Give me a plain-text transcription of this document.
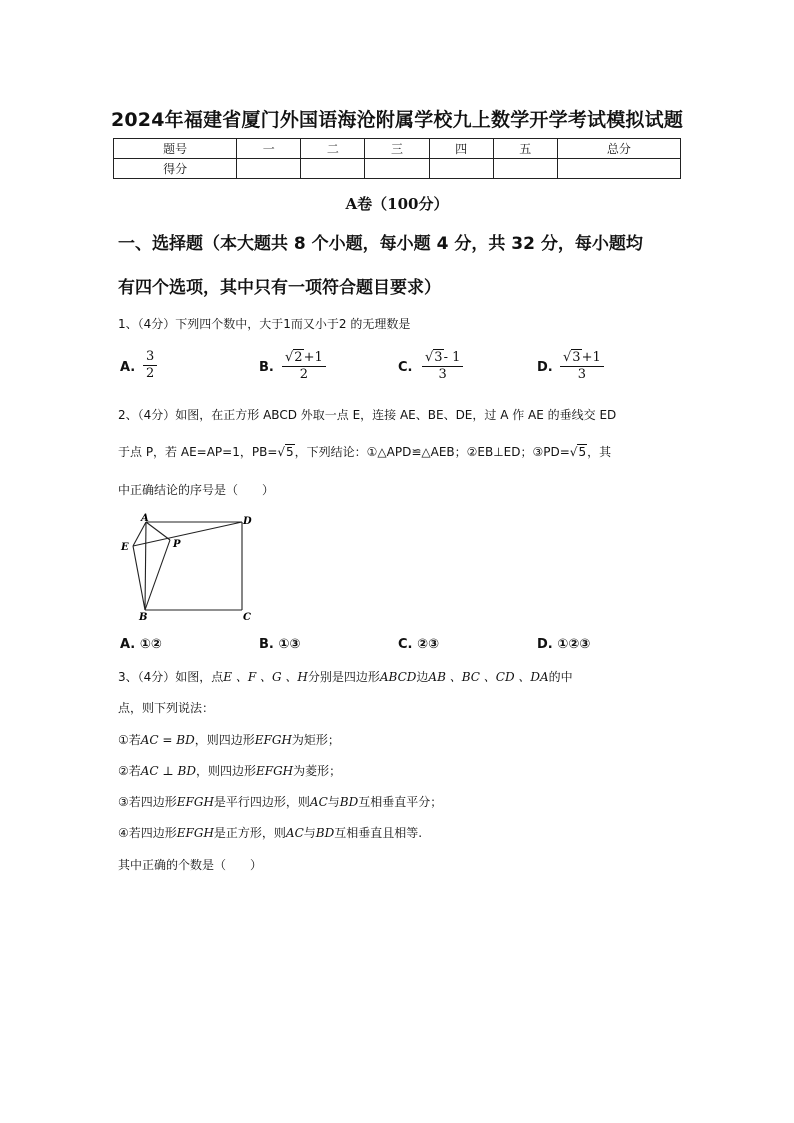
2024年福建省厦门外国语海沧附属学校九上数学开学考试模拟试题
题号	一	二	三	四	五	总分
得分						
A卷（100分）
一、选择题（本大题共 8 个小题，每小题 4 分，共 32 分，每小题均
有四个选项，其中只有一项符合题目要求）
1、（4分）下列四个数中，大于1而又小于2 的无理数是
A. $\frac{3}{2}$	B. $\frac{√ 2 +1}{2}$	C. $\frac{√ 3 - 1}{3}$	D. $\frac{√ 3 +1}{3}$
2、（4分）如图，在正方形 ABCD 外取一点 E，连接 AE、BE、DE，过 A 作 AE 的垂线交 ED
于点 P，若 AE=AP=1，PB=√ 5 ，下列结论：①△APD≌△AEB；②EB⊥ED；③PD=√ 5 ，其
中正确结论的序号是（　　）
A	D
E	P
B	C
A. ①②	B. ①③	C. ②③	D. ①②③
3、（4分）如图，点E 、F 、G 、H分别是四边形ABCD边AB 、BC 、CD 、DA的中
点，则下列说法：
①若AC = BD，则四边形EFGH为矩形；
②若AC ⊥ BD，则四边形EFGH为菱形；
③若四边形EFGH是平行四边形，则AC与BD互相垂直平分；
④若四边形EFGH是正方形，则AC与BD互相垂直且相等.
其中正确的个数是（　　）
